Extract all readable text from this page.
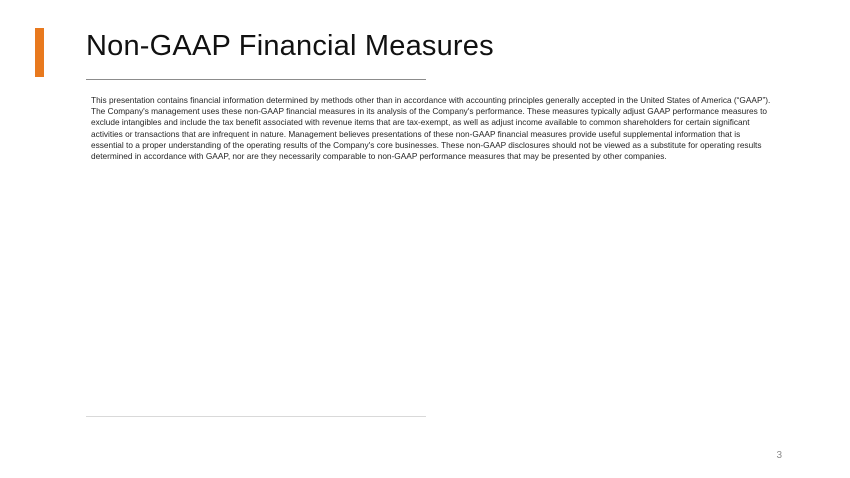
Non-GAAP Financial Measures

This presentation contains financial information determined by methods other than in accordance with accounting principles generally accepted in the United States of America (“GAAP”). The Company's management uses these non-GAAP financial measures in its analysis of the Company's performance. These measures typically adjust GAAP performance measures to exclude intangibles and include the tax benefit associated with revenue items that are tax-exempt, as well as adjust income available to common shareholders for certain significant activities or transactions that are infrequent in nature. Management believes presentations of these non-GAAP financial measures provide useful supplemental information that is essential to a proper understanding of the operating results of the Company's core businesses. These non-GAAP disclosures should not be viewed as a substitute for operating results determined in accordance with GAAP, nor are they necessarily comparable to non-GAAP performance measures that may be presented by other companies.

3
